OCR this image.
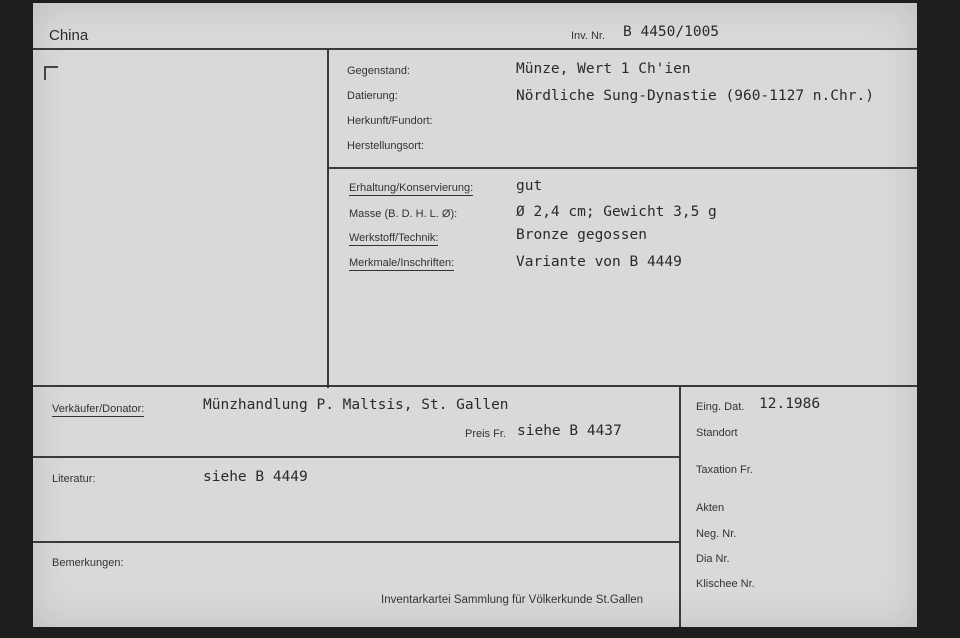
China	Inv. Nr. B 4450/1005
Gegenstand:	Münze, Wert 1 Ch'ien
Datierung:	Nördliche Sung-Dynastie (960-1127 n.Chr.)
Herkunft/Fundort:
Herstellungsort:
Erhaltung/Konservierung:	gut
Masse (B. D. H. L. Ø):	Ø 2,4 cm; Gewicht 3,5 g
Werkstoff/Technik:	Bronze gegossen
Merkmale/Inschriften:	Variante von B 4449
Verkäufer/Donator:	Münzhandlung P. Maltsis, St. Gallen
Preis Fr. siehe B 4437
Literatur:	siehe B 4449
Bemerkungen:
Inventarkartei Sammlung für Völkerkunde St.Gallen
Eing. Dat. 12.1986
Standort
Taxation Fr.
Akten
Neg. Nr.
Dia Nr.
Klischee Nr.
